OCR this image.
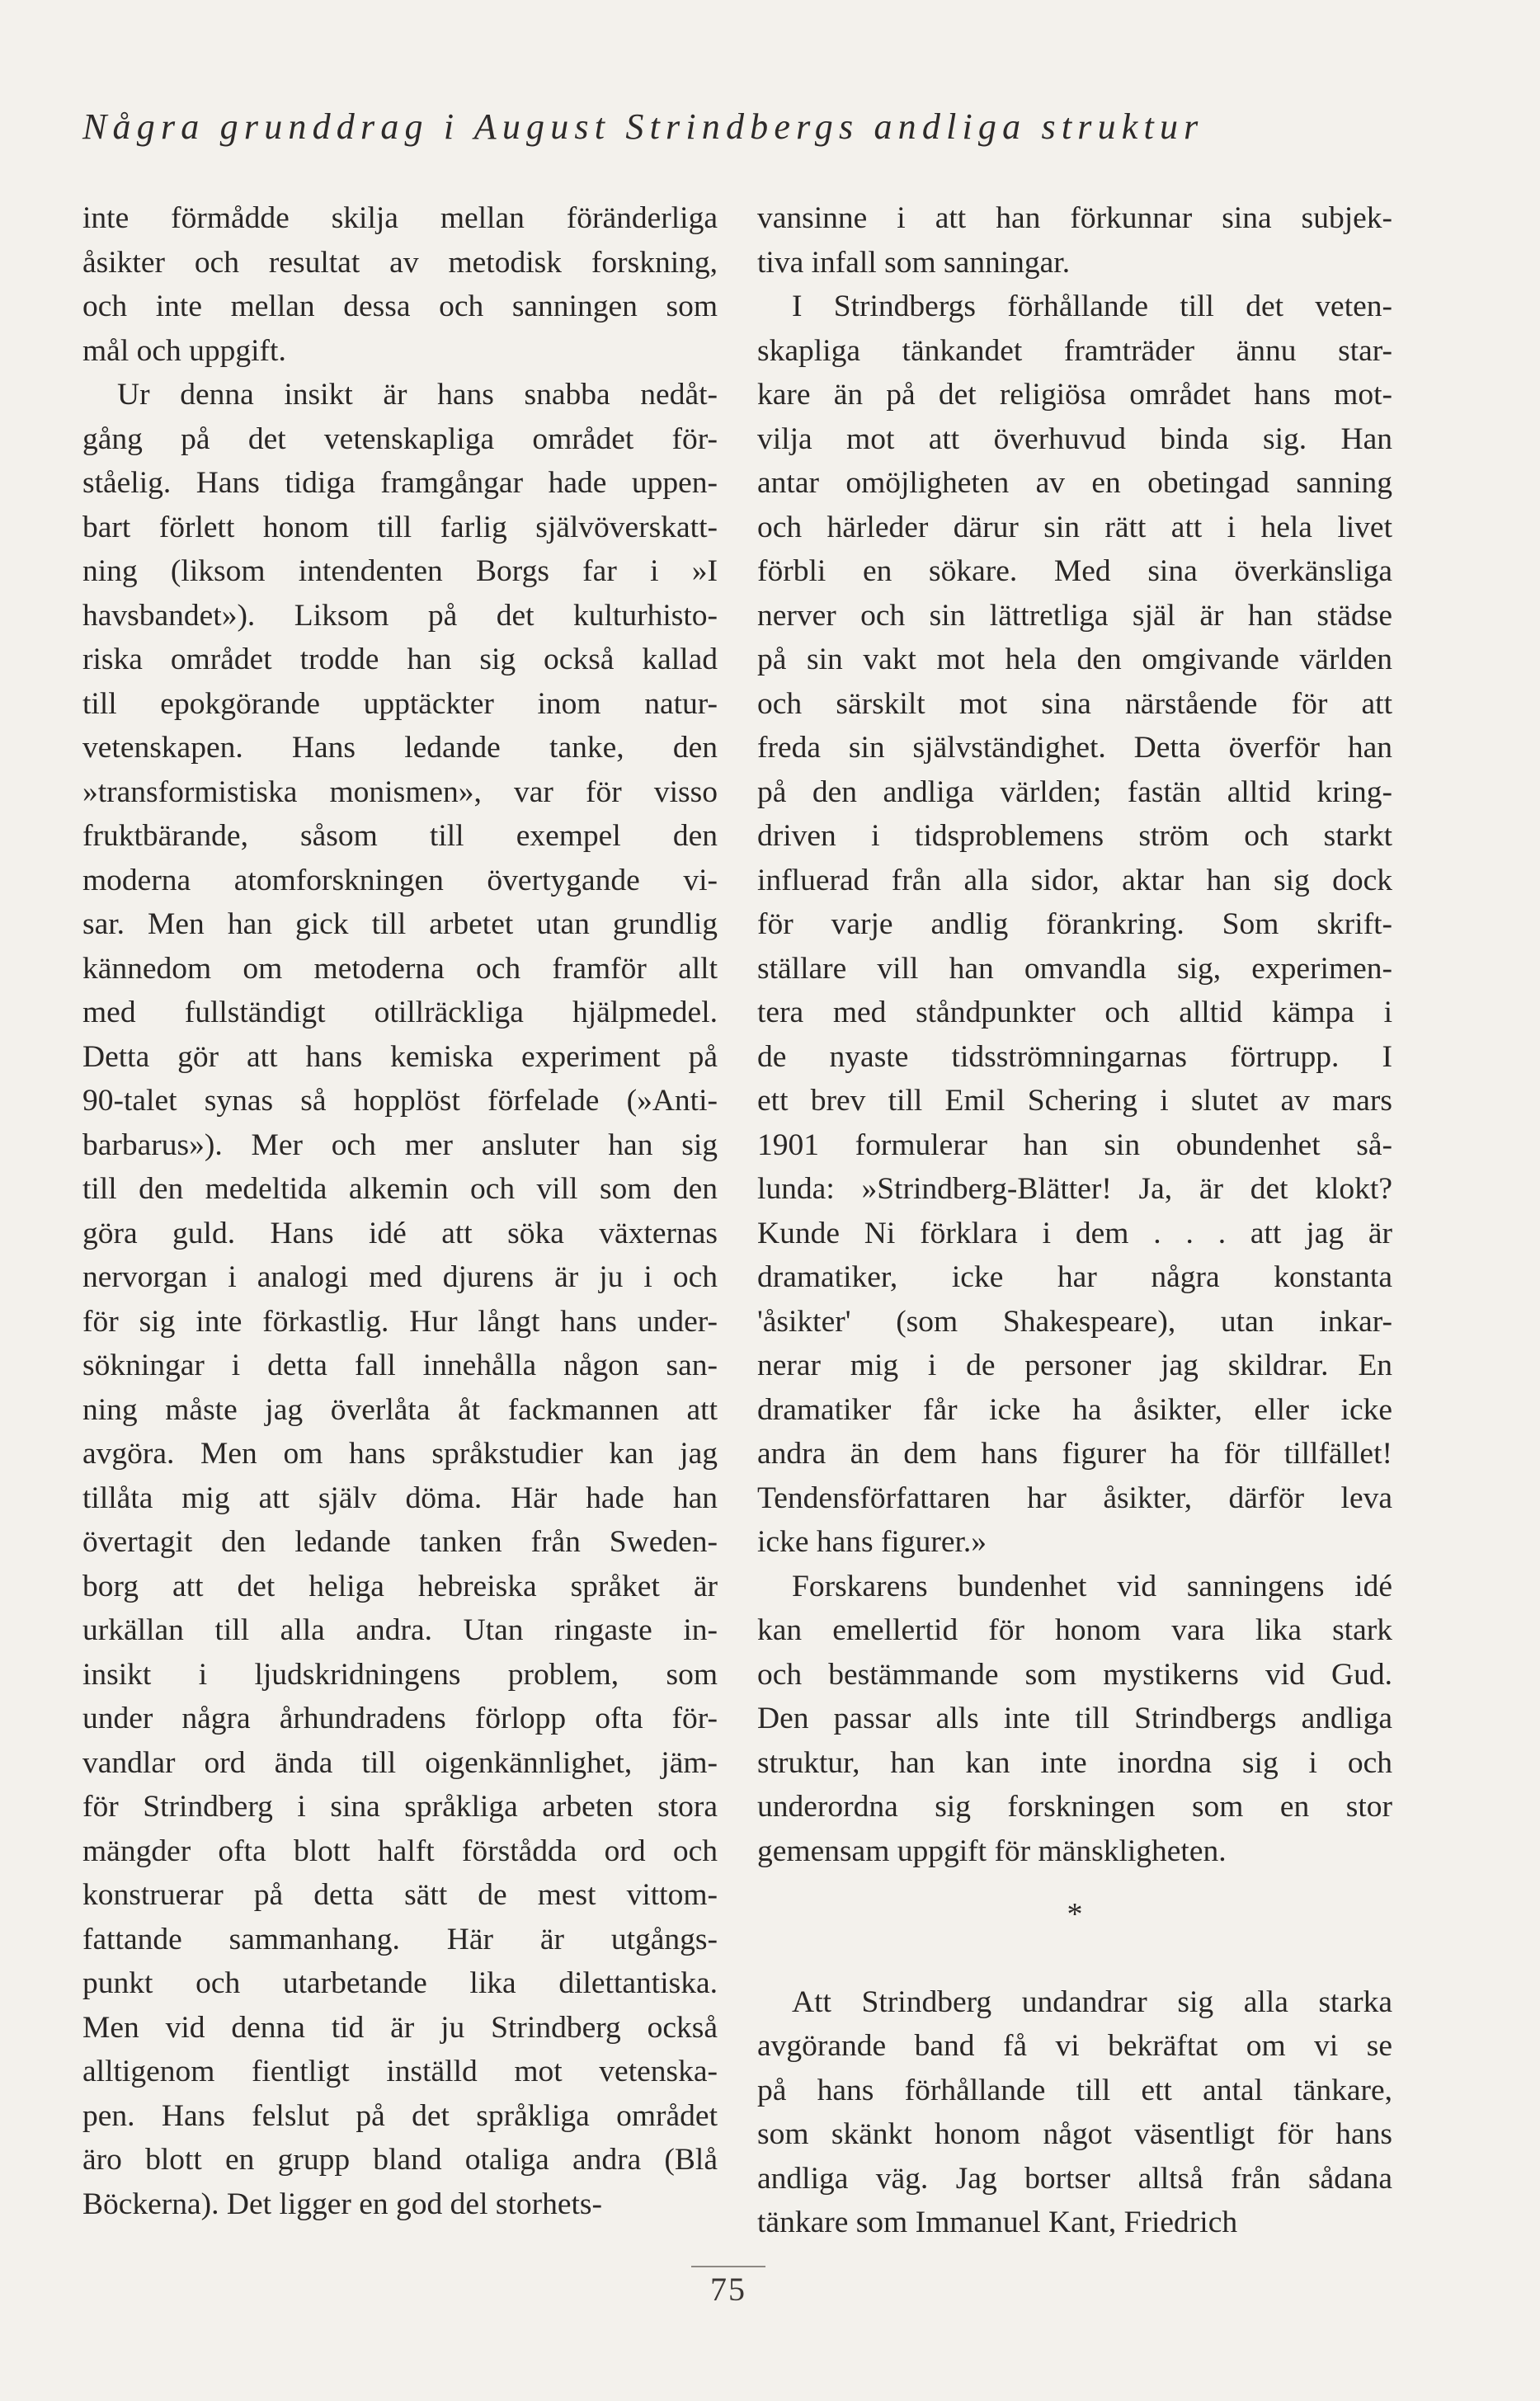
Några grunddrag i August Strindbergs andliga struktur
inte förmådde skilja mellan föränderliga
åsikter och resultat av metodisk forskning,
och inte mellan dessa och sanningen som
mål och uppgift.
Ur denna insikt är hans snabba nedåt-
gång på det vetenskapliga området för-
ståelig. Hans tidiga framgångar hade uppen-
bart förlett honom till farlig självöverskatt-
ning (liksom intendenten Borgs far i »I
havsbandet»). Liksom på det kulturhisto-
riska området trodde han sig också kallad
till epokgörande upptäckter inom natur-
vetenskapen. Hans ledande tanke, den
»transformistiska monismen», var för visso
fruktbärande, såsom till exempel den
moderna atomforskningen övertygande vi-
sar. Men han gick till arbetet utan grundlig
kännedom om metoderna och framför allt
med fullständigt otillräckliga hjälpmedel.
Detta gör att hans kemiska experiment på
90-talet synas så hopplöst förfelade (»Anti-
barbarus»). Mer och mer ansluter han sig
till den medeltida alkemin och vill som den
göra guld. Hans idé att söka växternas
nervorgan i analogi med djurens är ju i och
för sig inte förkastlig. Hur långt hans under-
sökningar i detta fall innehålla någon san-
ning måste jag överlåta åt fackmannen att
avgöra. Men om hans språkstudier kan jag
tillåta mig att själv döma. Här hade han
övertagit den ledande tanken från Sweden-
borg att det heliga hebreiska språket är
urkällan till alla andra. Utan ringaste in-
insikt i ljudskridningens problem, som
under några århundradens förlopp ofta för-
vandlar ord ända till oigenkännlighet, jäm-
för Strindberg i sina språkliga arbeten stora
mängder ofta blott halft förstådda ord och
konstruerar på detta sätt de mest vittom-
fattande sammanhang. Här är utgångs-
punkt och utarbetande lika dilettantiska.
Men vid denna tid är ju Strindberg också
alltigenom fientligt inställd mot vetenska-
pen. Hans felslut på det språkliga området
äro blott en grupp bland otaliga andra (Blå
Böckerna). Det ligger en god del storhets-
vansinne i att han förkunnar sina subjek-
tiva infall som sanningar.
I Strindbergs förhållande till det veten-
skapliga tänkandet framträder ännu star-
kare än på det religiösa området hans mot-
vilja mot att överhuvud binda sig. Han
antar omöjligheten av en obetingad sanning
och härleder därur sin rätt att i hela livet
förbli en sökare. Med sina överkänsliga
nerver och sin lättretliga själ är han städse
på sin vakt mot hela den omgivande världen
och särskilt mot sina närstående för att
freda sin självständighet. Detta överför han
på den andliga världen; fastän alltid kring-
driven i tidsproblemens ström och starkt
influerad från alla sidor, aktar han sig dock
för varje andlig förankring. Som skrift-
ställare vill han omvandla sig, experimen-
tera med ståndpunkter och alltid kämpa i
de nyaste tidsströmningarnas förtrupp. I
ett brev till Emil Schering i slutet av mars
1901 formulerar han sin obundenhet så-
lunda: »Strindberg-Blätter! Ja, är det klokt?
Kunde Ni förklara i dem . . . att jag är
dramatiker, icke har några konstanta
'åsikter' (som Shakespeare), utan inkar-
nerar mig i de personer jag skildrar. En
dramatiker får icke ha åsikter, eller icke
andra än dem hans figurer ha för tillfället!
Tendensförfattaren har åsikter, därför leva
icke hans figurer.»
Forskarens bundenhet vid sanningens idé
kan emellertid för honom vara lika stark
och bestämmande som mystikerns vid Gud.
Den passar alls inte till Strindbergs andliga
struktur, han kan inte inordna sig i och
underordna sig forskningen som en stor
gemensam uppgift för mänskligheten.
*
Att Strindberg undandrar sig alla starka
avgörande band få vi bekräftat om vi se
på hans förhållande till ett antal tänkare,
som skänkt honom något väsentligt för hans
andliga väg. Jag bortser alltså från sådana
tänkare som Immanuel Kant, Friedrich
75
